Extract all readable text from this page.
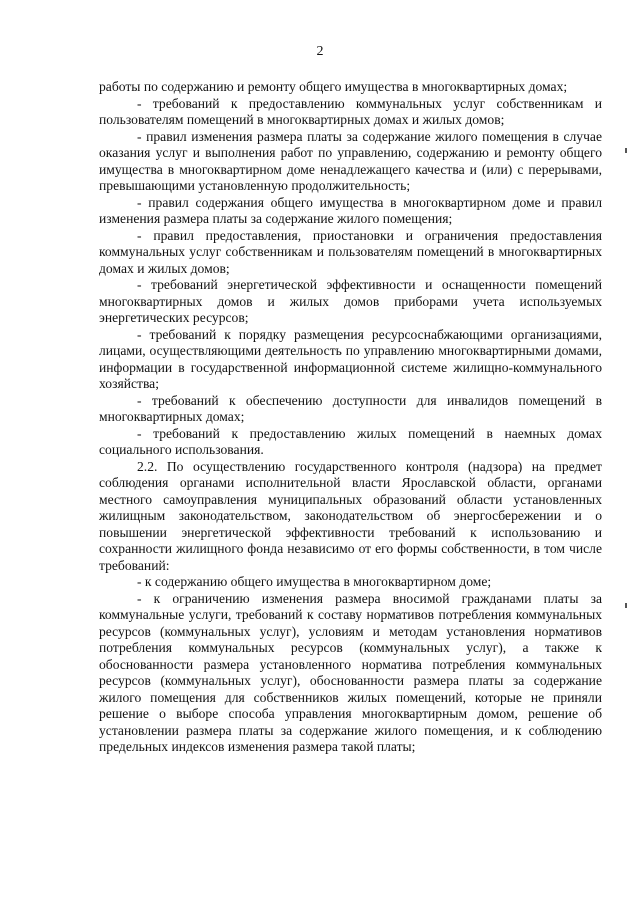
2

работы по содержанию и ремонту общего имущества в многоквартирных домах;

- требований к предоставлению коммунальных услуг собственникам и пользователям помещений в многоквартирных домах и жилых домов;

- правил изменения размера платы за содержание жилого помещения в случае оказания услуг и выполнения работ по управлению, содержанию и ремонту общего имущества в многоквартирном доме ненадлежащего качества и (или) с перерывами, превышающими установленную продолжительность;

- правил содержания общего имущества в многоквартирном доме и правил изменения размера платы за содержание жилого помещения;

- правил предоставления, приостановки и ограничения предоставления коммунальных услуг собственникам и пользователям помещений в многоквартирных домах и жилых домов;

- требований энергетической эффективности и оснащенности помещений многоквартирных домов и жилых домов приборами учета используемых энергетических ресурсов;

- требований к порядку размещения ресурсоснабжающими организациями, лицами, осуществляющими деятельность по управлению многоквартирными домами, информации в государственной информационной системе жилищно-коммунального хозяйства;

- требований к обеспечению доступности для инвалидов помещений в многоквартирных домах;

- требований к предоставлению жилых помещений в наемных домах социального использования.

2.2. По осуществлению государственного контроля (надзора) на предмет соблюдения органами исполнительной власти Ярославской области, органами местного самоуправления муниципальных образований области установленных жилищным законодательством, законодательством об энергосбережении и о повышении энергетической эффективности требований к использованию и сохранности жилищного фонда независимо от его формы собственности, в том числе требований:

- к содержанию общего имущества в многоквартирном доме;

- к ограничению изменения размера вносимой гражданами платы за коммунальные услуги, требований к составу нормативов потребления коммунальных ресурсов (коммунальных услуг), условиям и методам установления нормативов потребления коммунальных ресурсов (коммунальных услуг), а также к обоснованности размера установленного норматива потребления коммунальных ресурсов (коммунальных услуг), обоснованности размера платы за содержание жилого помещения для собственников жилых помещений, которые не приняли решение о выборе способа управления многоквартирным домом, решение об установлении размера платы за содержание жилого помещения, и к соблюдению предельных индексов изменения размера такой платы;
